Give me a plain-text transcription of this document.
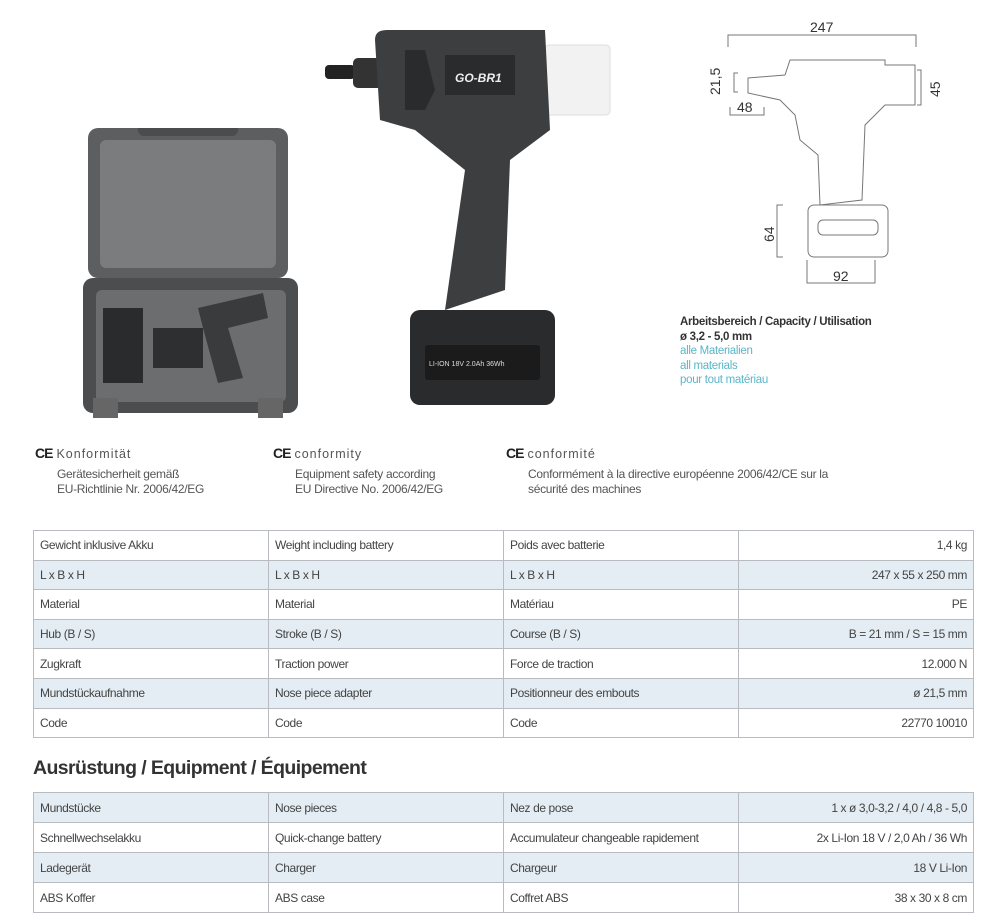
GO-BR1
LI-ION 18V 2.0Ah 36Wh
247
21,5
48
45
64
92
Arbeitsbereich / Capacity / Utilisation
ø 3,2 - 5,0 mm
alle Materialien
all materials
pour tout matériau
CE Konformität
Gerätesicherheit gemäß
EU-Richtlinie Nr. 2006/42/EG
CE conformity
Equipment safety according
EU Directive No. 2006/42/EG
CE conformité
Conformément à la directive européenne 2006/42/CE sur la
sécurité des machines
Gewicht inklusive Akku	Weight including battery	Poids avec batterie	1,4 kg
L x B x H	L x B x H	L x B x H	247 x 55 x 250 mm
Material	Material	Matériau	PE
Hub (B / S)	Stroke (B / S)	Course (B / S)	B = 21 mm / S = 15 mm
Zugkraft	Traction power	Force de traction	12.000 N
Mundstückaufnahme	Nose piece adapter	Positionneur des embouts	ø 21,5 mm
Code	Code	Code	22770 10010
Ausrüstung / Equipment / Équipement
Mundstücke	Nose pieces	Nez de pose	1 x ø 3,0-3,2 / 4,0 / 4,8 - 5,0
Schnellwechselakku	Quick-change battery	Accumulateur changeable rapidement	2x Li-Ion 18 V / 2,0 Ah / 36 Wh
Ladegerät	Charger	Chargeur	18 V Li-Ion
ABS Koffer	ABS case	Coffret ABS	38 x 30 x 8 cm
